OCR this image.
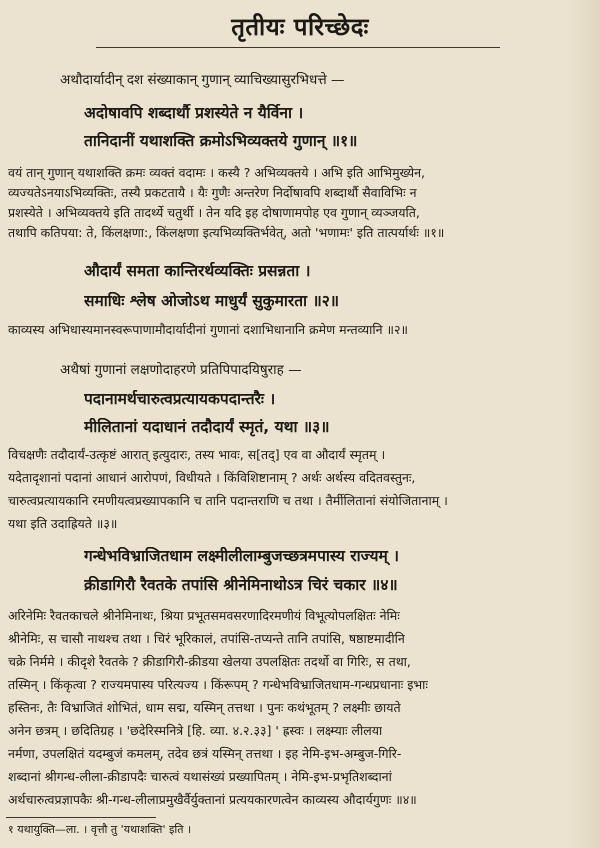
तृतीयः परिच्छेदः
अथौदार्यादीन् दश संख्याकान् गुणान् व्याचिख्यासुरभिधत्ते —
अदोषावपि शब्दार्थौ प्रशस्येते न यैर्विना ।
तानिदानीं यथाशक्ति क्रमोऽभिव्यक्तये गुणान् ॥१॥
वयं तान् गुणान् यथाशक्ति क्रमः व्यक्तं वदामः । कस्यै ? अभिव्यक्तये । अभि इति आभिमुख्येन,
व्यज्यतेऽनयाऽभिव्यक्तिः, तस्यै प्रकटतायै । यैः गुणैः अन्तरेण निर्दोषावपि शब्दार्थौ सैवाविभिः न
प्रशस्येते । अभिव्यक्तये इति तादर्थ्ये चतुर्थी । तेन यदि इह दोषाणामपोह एव गुणान् व्यञ्जयति,
तथापि कतिपया: ते, किंलक्षणा:, किंलक्षणा इत्यभिव्यक्तिर्भवेत्, अतो 'भणामः' इति तात्पर्यार्थः ॥१॥
औदार्यं समता कान्तिरर्थव्यक्तिः प्रसन्नता ।
समाधिः श्लेष ओजोऽथ माधुर्यं सुकुमारता ॥२॥
काव्यस्य अभिधास्यमानस्वरूपाणामौदार्यादीनां गुणानां दशाभिधानानि क्रमेण मन्तव्यानि ॥२॥
अथैषां गुणानां लक्षणोदाहरणे प्रतिपिपादयिषुराह —
पदानामर्थचारुत्वप्रत्यायकपदान्तरैः ।
मीलितानां यदाधानं तदौदार्यं स्मृतं, यथा ॥३॥
विचक्षणैः तदौदार्यं-उत्कृष्टं आरात् इत्युदारः, तस्य भावः, स[तद्] एव वा औदार्यं स्मृतम् ।
यदेतादृशानां पदानां आधानं आरोपणं, विधीयते । किंविशिष्टानाम् ? अर्थः अर्थस्य वदितवस्तुनः,
चारुत्वप्रत्यायकानि रमणीयत्वप्रख्यापकानि च तानि पदान्तराणि च तथा । तैर्मीलितानां संयोजितानाम् ।
यथा इति उदाह्रियते ॥३॥
गन्धेभविभ्राजितधाम लक्ष्मीलीलाम्बुजच्छत्रमपास्य राज्यम् ।
क्रीडागिरौ रैवतके तपांसि श्रीनेमिनाथोऽत्र चिरं चकार ॥४॥
अरिनेमिः रैवतकाचले श्रीनेमिनाथः, श्रिया प्रभूतसमवसरणादिरमणीयं विभूत्योपलक्षितः नेमिः
श्रीनेमिः, स चासौ नाथश्च तथा । चिरं भूरिकालं, तपांसि-तप्यन्ते तानि तपांसि, षष्ठाष्टमादीनि
चक्रे निर्ममे । कीदृशे रैवतके ? क्रीडागिरौ-क्रीडया खेलया उपलक्षितः तदर्थो वा गिरिः, स तथा,
तस्मिन् । किंकृत्वा ? राज्यमपास्य परित्यज्य । किंरूपम् ? गन्धेभविभ्राजितधाम-गन्धप्रधानाः इभाः
हस्तिनः, तैः विभ्राजितं शोभितं, धाम सद्म, यस्मिन् तत्तथा । पुनः कथंभूतम् ? लक्ष्मीः छायते
अनेन छत्रम् । छदितिग्रह । 'छदेरिस्मनित्रे [हि. व्या. ४.२.३३] ' ह्रस्वः । लक्ष्म्याः लीलया
नर्मणा, उपलक्षितं यदम्बुजं कमलम्, तदेव छत्रं यस्मिन् तत्तथा । इह नेमि-इभ-अम्बुज-गिरि-
शब्दानां श्रीगन्ध-लीला-क्रीडापदैः चारुत्वं यथासंख्यं प्रख्यापितम् । नेमि-इभ-प्रभृतिशब्दानां
अर्थचारुत्वप्रज्ञापकैः श्री-गन्ध-लीलाप्रमुखैर्वैर्युक्तानां प्रत्ययकारणत्वेन काव्यस्य औदार्यगुणः ॥४॥
१ यथायुक्ति—ला. । वृत्तौ तु 'यथाशक्ति' इति ।
